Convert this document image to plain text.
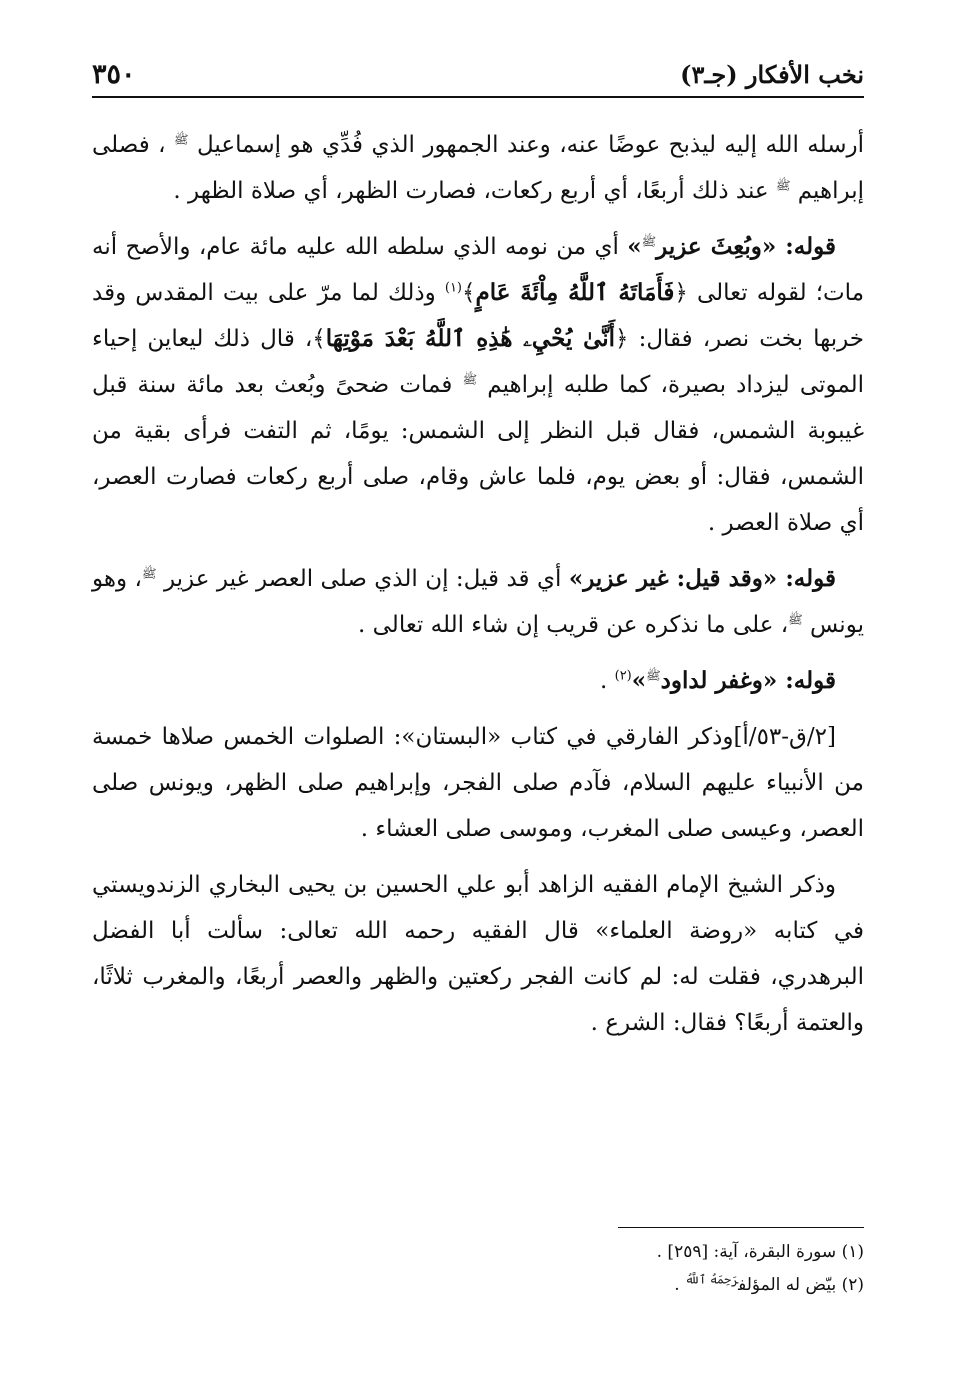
نخب الأفكار (جـ٣)
٣٥٠

أرسله الله إليه ليذبح عوضًا عنه، وعند الجمهور الذي فُدِّي هو إسماعيل $^ﷺ$ ، فصلى إبراهيم $^ﷺ$ عند ذلك أربعًا، أي أربع ركعات، فصارت الظهر، أي صلاة الظهر .

قوله: «وبُعِثَ عزير$^ﷺ$» أي من نومه الذي سلطه الله عليه مائة عام، والأصح أنه مات؛ لقوله تعالى ﴿فَأَمَاتَهُ ٱللَّهُ مِاْئَةَ عَامٍ﴾$^{(١)}$ وذلك لما مرّ على بيت المقدس وقد خربها بخت نصر، فقال: ﴿أَنَّىٰ يُحْيِۦ هَٰذِهِ ٱللَّهُ بَعْدَ مَوْتِهَا﴾، قال ذلك ليعاين إحياء الموتى ليزداد بصيرة، كما طلبه إبراهيم $^ﷺ$ فمات ضحىً وبُعث بعد مائة سنة قبل غيبوبة الشمس، فقال قبل النظر إلى الشمس: يومًا، ثم التفت فرأى بقية من الشمس، فقال: أو بعض يوم، فلما عاش وقام، صلى أربع ركعات فصارت العصر، أي صلاة العصر .

قوله: «وقد قيل: غير عزير» أي قد قيل: إن الذي صلى العصر غير عزير $^ﷺ$، وهو يونس $^ﷺ$، على ما نذكره عن قريب إن شاء الله تعالى .

قوله: «وغفر لداود$^ﷺ$»$^{(٢)}$ .

[٢/ق-٥٣/أ]وذكر الفارقي في كتاب «البستان»: الصلوات الخمس صلاها خمسة من الأنبياء عليهم السلام، فآدم صلى الفجر، وإبراهيم صلى الظهر، ويونس صلى العصر، وعيسى صلى المغرب، وموسى صلى العشاء .

وذكر الشيخ الإمام الفقيه الزاهد أبو علي الحسين بن يحيى البخاري الزندويستي في كتابه «روضة العلماء» قال الفقيه رحمه الله تعالى: سألت أبا الفضل البرهدري، فقلت له: لم كانت الفجر ركعتين والظهر والعصر أربعًا، والمغرب ثلاثًا، والعتمة أربعًا؟ فقال: الشرع .

(١) سورة البقرة، آية: [٢٥٩] .
(٢) بيّض له المؤلف$^{رَحِمَهُ ٱللَّهُ}$ .
